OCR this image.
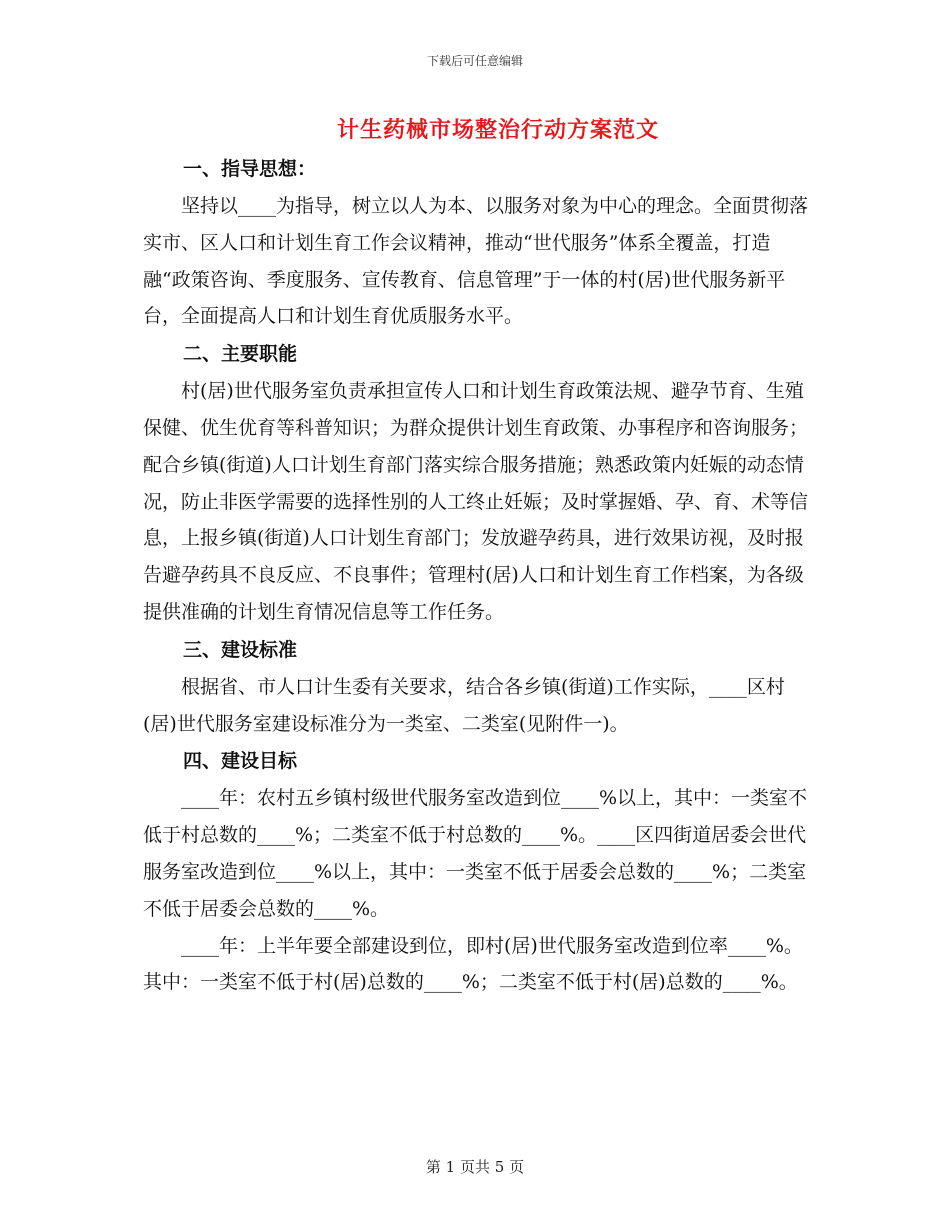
下载后可任意编辑
计生药械市场整治行动方案范文
一、指导思想：

坚持以____为指导，树立以人为本、以服务对象为中心的理念。全面贯彻落实市、区人口和计划生育工作会议精神，推动“世代服务”体系全覆盖，打造融“政策咨询、季度服务、宣传教育、信息管理”于一体的村(居)世代服务新平台，全面提高人口和计划生育优质服务水平。

二、主要职能

村(居)世代服务室负责承担宣传人口和计划生育政策法规、避孕节育、生殖保健、优生优育等科普知识；为群众提供计划生育政策、办事程序和咨询服务；配合乡镇(街道)人口计划生育部门落实综合服务措施；熟悉政策内妊娠的动态情况，防止非医学需要的选择性别的人工终止妊娠；及时掌握婚、孕、育、术等信息，上报乡镇(街道)人口计划生育部门；发放避孕药具，进行效果访视，及时报告避孕药具不良反应、不良事件；管理村(居)人口和计划生育工作档案，为各级提供准确的计划生育情况信息等工作任务。

三、建设标准

根据省、市人口计生委有关要求，结合各乡镇(街道)工作实际，____区村(居)世代服务室建设标准分为一类室、二类室(见附件一)。

四、建设目标

____年：农村五乡镇村级世代服务室改造到位____%以上，其中：一类室不低于村总数的____%；二类室不低于村总数的____%。____区四街道居委会世代服务室改造到位____%以上，其中：一类室不低于居委会总数的____%；二类室不低于居委会总数的____%。

____年：上半年要全部建设到位，即村(居)世代服务室改造到位率____%。其中：一类室不低于村(居)总数的____%；二类室不低于村(居)总数的____%。

第 1 页共 5 页
